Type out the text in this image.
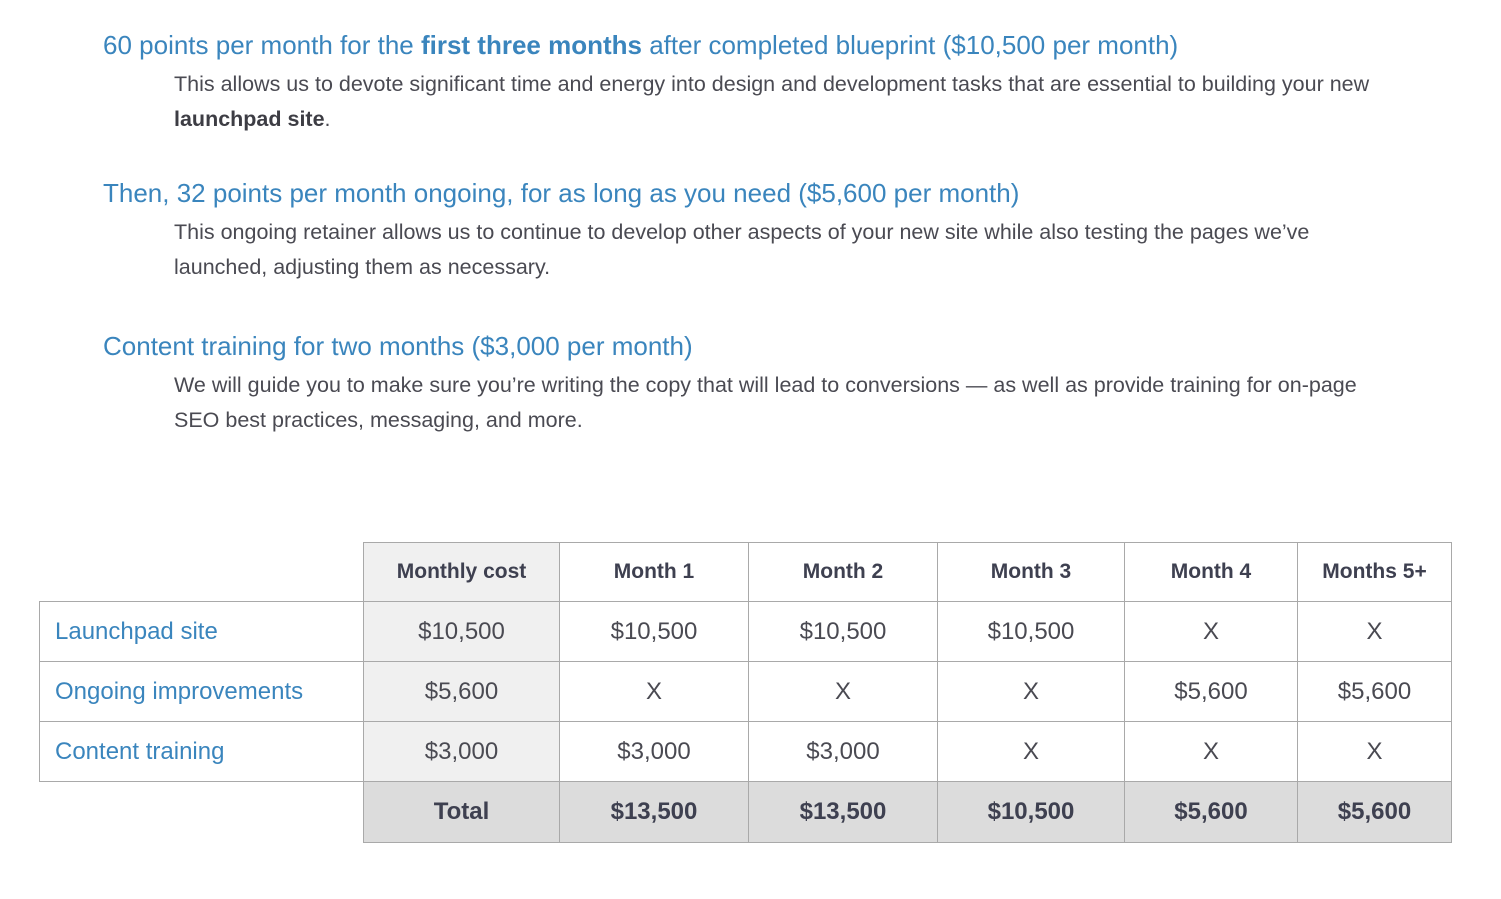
60 points per month for the first three months after completed blueprint ($10,500 per month)

This allows us to devote significant time and energy into design and development tasks that are essential to building your new launchpad site.

Then, 32 points per month ongoing, for as long as you need ($5,600 per month)

This ongoing retainer allows us to continue to develop other aspects of your new site while also testing the pages we’ve launched, adjusting them as necessary.

Content training for two months ($3,000 per month)

We will guide you to make sure you’re writing the copy that will lead to conversions — as well as provide training for on-page SEO best practices, messaging, and more.

	Monthly cost	Month 1	Month 2	Month 3	Month 4	Months 5+
Launchpad site	$10,500	$10,500	$10,500	$10,500	X	X
Ongoing improvements	$5,600	X	X	X	$5,600	$5,600
Content training	$3,000	$3,000	$3,000	X	X	X
	Total	$13,500	$13,500	$10,500	$5,600	$5,600
